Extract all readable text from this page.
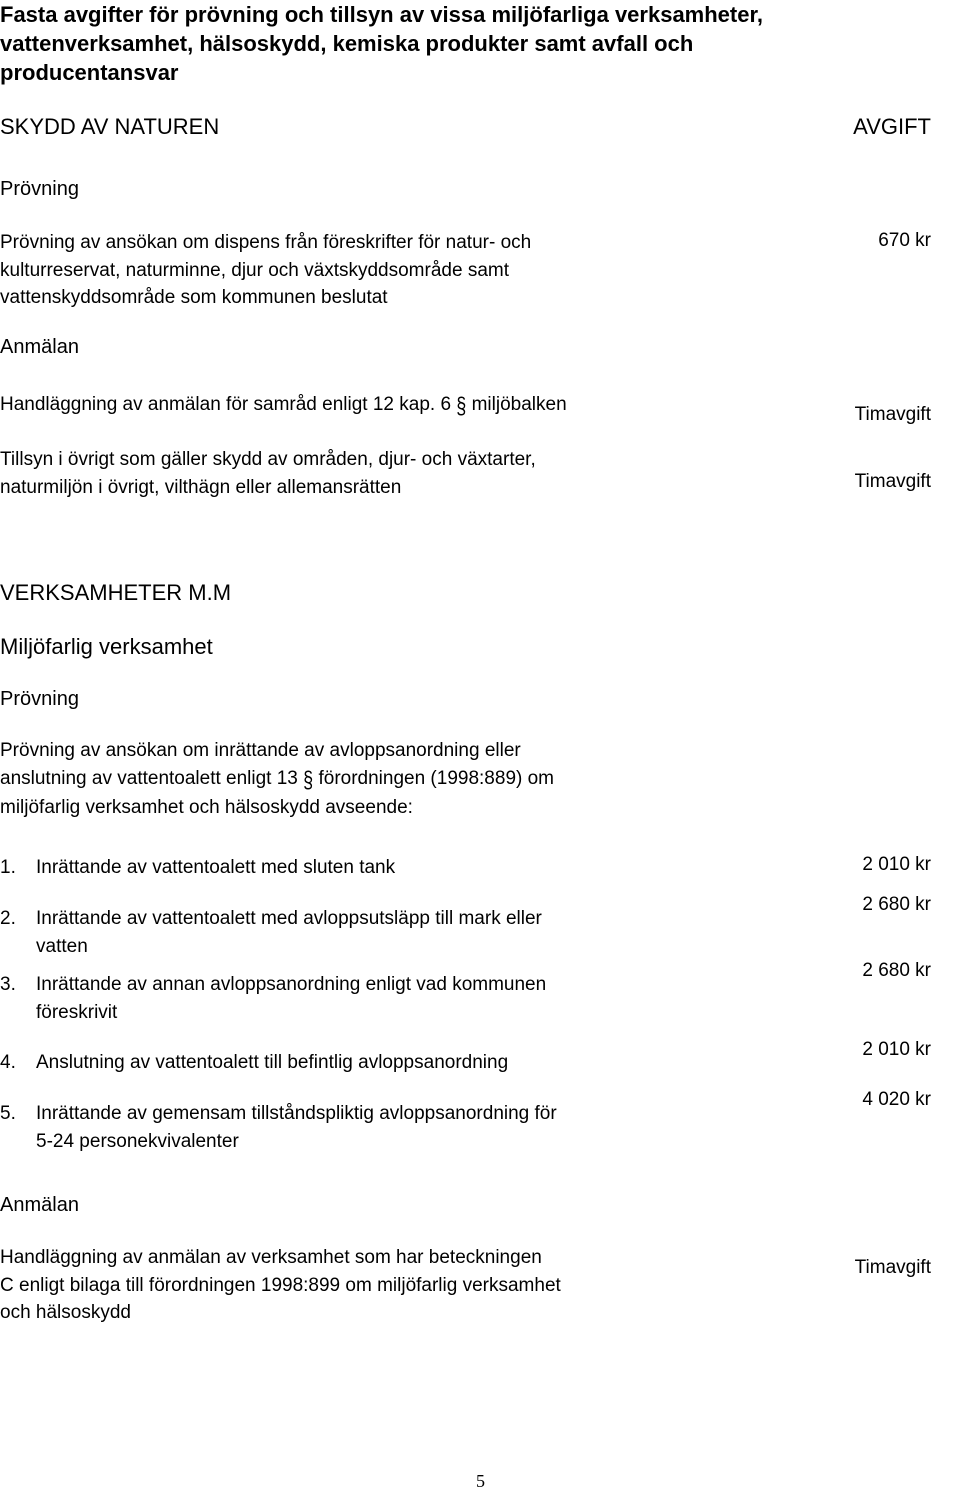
Fasta avgifter för prövning och tillsyn av vissa miljöfarliga verksamheter,
vattenverksamhet, hälsoskydd, kemiska produkter samt avfall och
producentansvar
SKYDD AV NATUREN	AVGIFT
Prövning
Prövning av ansökan om dispens från föreskrifter för natur- och
kulturreservat, naturminne, djur och växtskyddsområde samt
vattenskyddsområde som kommunen beslutat
670 kr
Anmälan
Handläggning av anmälan för samråd enligt 12 kap. 6 § miljöbalken	Timavgift
Tillsyn i övrigt som gäller skydd av områden, djur- och växtarter,
naturmiljön i övrigt, vilthägn eller allemansrätten	Timavgift
VERKSAMHETER M.M
Miljöfarlig verksamhet
Prövning
Prövning av ansökan om inrättande av avloppsanordning eller
anslutning av vattentoalett enligt 13 § förordningen (1998:889) om
miljöfarlig verksamhet och hälsoskydd avseende:
1. Inrättande av vattentoalett med sluten tank	2 010 kr
2. Inrättande av vattentoalett med avloppsutsläpp till mark eller
vatten
2 680 kr
3. Inrättande av annan avloppsanordning enligt vad kommunen
föreskrivit
2 680 kr
4. Anslutning av vattentoalett till befintlig avloppsanordning
2 010 kr
5. Inrättande av gemensam tillståndspliktig avloppsanordning för
5-24 personekvivalenter
4 020 kr
Anmälan
Handläggning av anmälan av verksamhet som har beteckningen
C enligt bilaga till förordningen 1998:899 om miljöfarlig verksamhet
och hälsoskydd
Timavgift
5
